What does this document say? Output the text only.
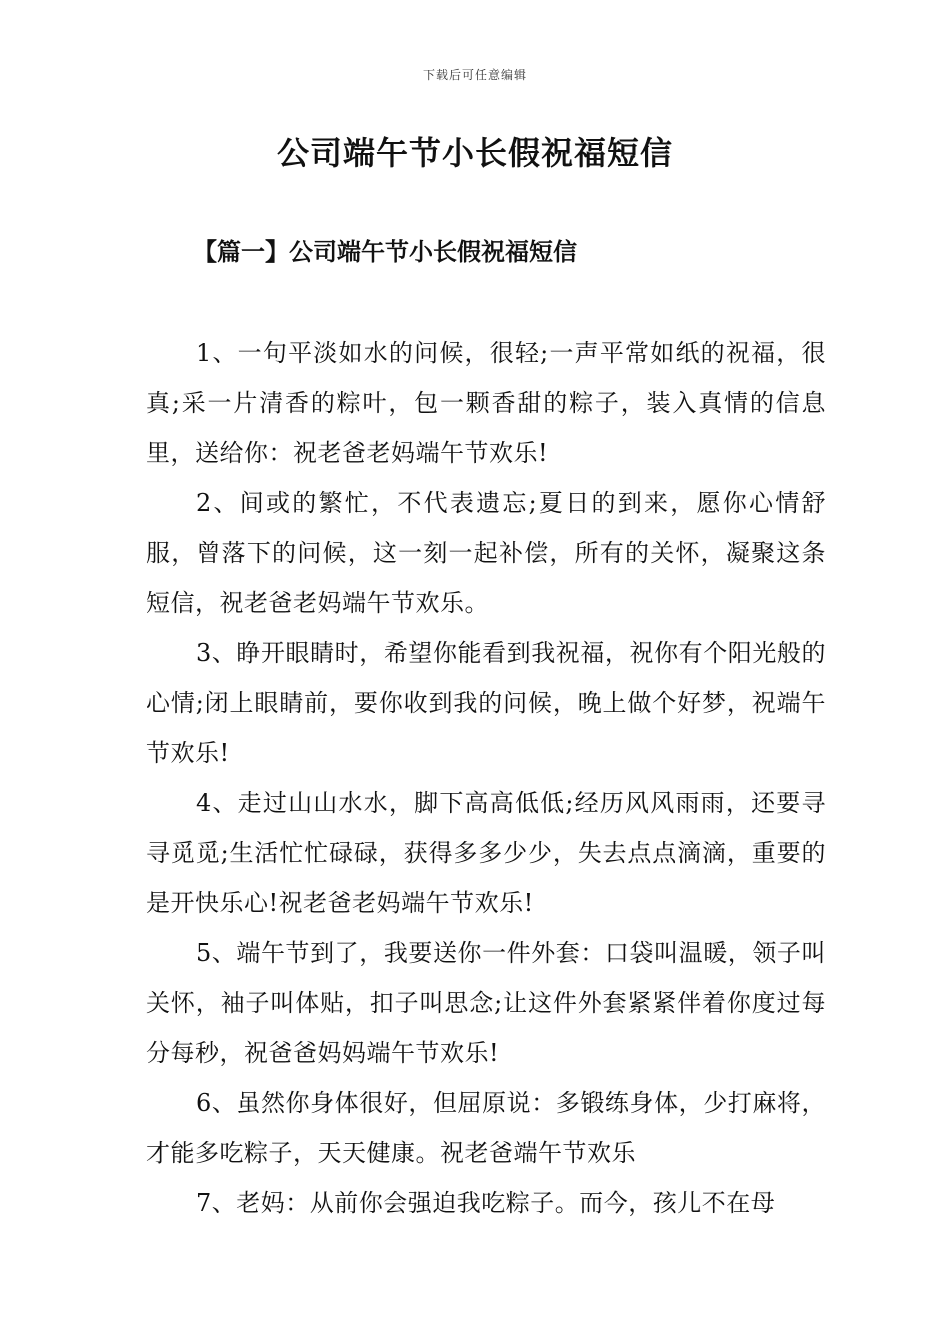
下载后可任意编辑
公司端午节小长假祝福短信
【篇一】公司端午节小长假祝福短信

1、一句平淡如水的问候，很轻;一声平常如纸的祝福，很真;采一片清香的粽叶，包一颗香甜的粽子，装入真情的信息里，送给你：祝老爸老妈端午节欢乐!

2、间或的繁忙，不代表遗忘;夏日的到来，愿你心情舒服，曾落下的问候，这一刻一起补偿，所有的关怀，凝聚这条短信，祝老爸老妈端午节欢乐。

3、睁开眼睛时，希望你能看到我祝福，祝你有个阳光般的心情;闭上眼睛前，要你收到我的问候，晚上做个好梦，祝端午节欢乐!

4、走过山山水水，脚下高高低低;经历风风雨雨，还要寻寻觅觅;生活忙忙碌碌，获得多多少少，失去点点滴滴，重要的是开快乐心!祝老爸老妈端午节欢乐!

5、端午节到了，我要送你一件外套：口袋叫温暖，领子叫关怀，袖子叫体贴，扣子叫思念;让这件外套紧紧伴着你度过每分每秒，祝爸爸妈妈端午节欢乐!

6、虽然你身体很好，但屈原说：多锻练身体，少打麻将，才能多吃粽子，天天健康。祝老爸端午节欢乐

7、老妈：从前你会强迫我吃粽子。而今，孩儿不在母
